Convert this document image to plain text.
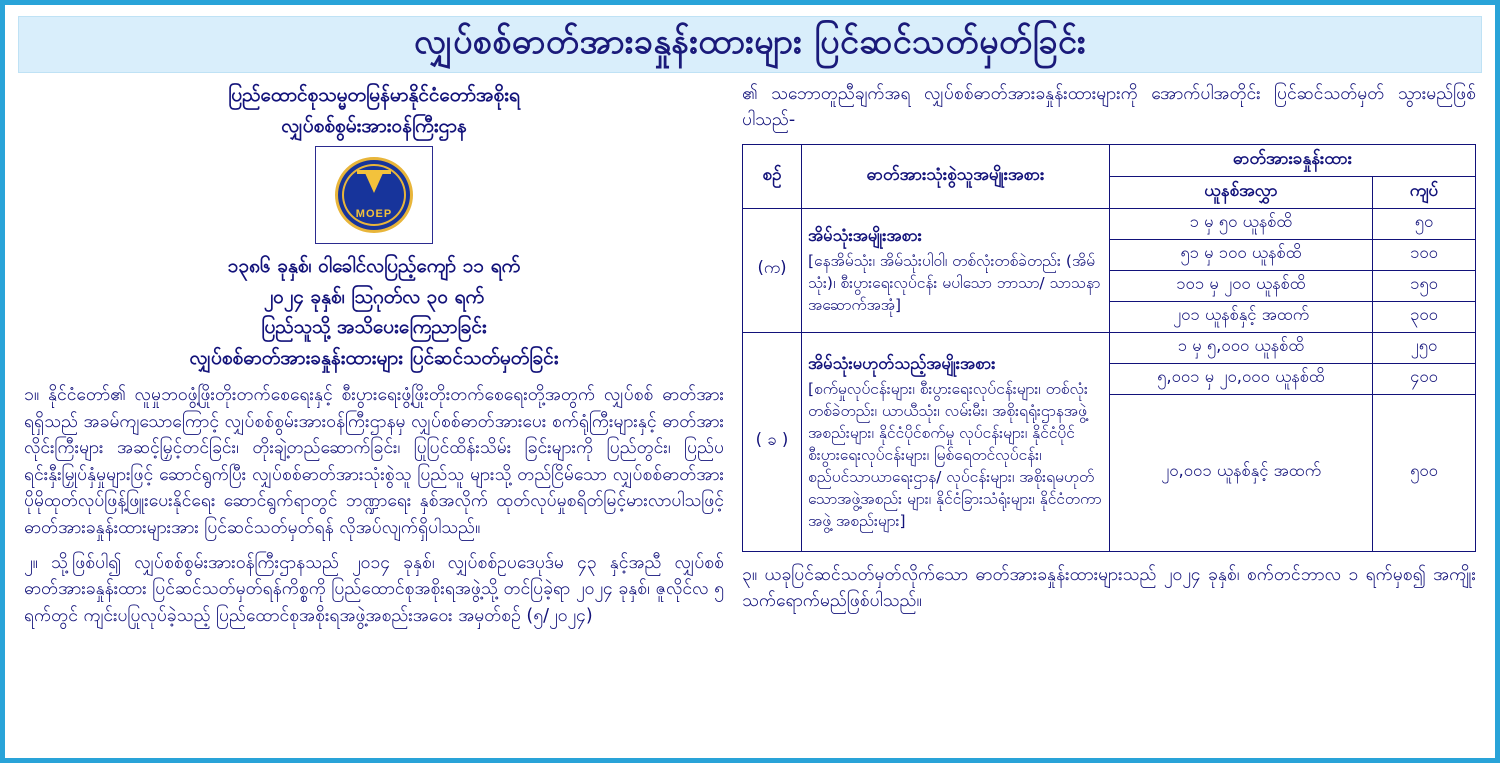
လျှပ်စစ်ဓာတ်အားခနှုန်းထားများ ပြင်ဆင်သတ်မှတ်ခြင်း
ပြည်ထောင်စုသမ္မတမြန်မာနိုင်ငံတော်အစိုးရ
လျှပ်စစ်စွမ်းအားဝန်ကြီးဌာန
MOEP
၁၃၈၆ ခုနှစ်၊ ဝါခေါင်လပြည့်ကျော် ၁၁ ရက်
၂၀၂၄ ခုနှစ်၊ သြဂုတ်လ ၃၀ ရက်
ပြည်သူသို့ အသိပေးကြေညာခြင်း
လျှပ်စစ်ဓာတ်အားခနှုန်းထားများ ပြင်ဆင်သတ်မှတ်ခြင်း
၁။ နိုင်ငံတော်၏ လူမှုဘဝဖွံ့ဖြိုးတိုးတက်စေရေးနှင့် စီးပွားရေးဖွံ့ဖြိုးတိုးတက်စေရေးတို့အတွက် လျှပ်စစ် ဓာတ်အားရရှိသည် အခမ်ကျသောကြောင့် လျှပ်စစ်စွမ်းအားဝန်ကြီးဌာနမှ လျှပ်စစ်ဓာတ်အားပေး စက်ရုံကြီးများနှင့် ဓာတ်အားလိုင်းကြီးများ အဆင့်မြှင့်တင်ခြင်း၊ တိုးချဲ့တည်ဆောက်ခြင်း၊ ပြုပြင်ထိန်းသိမ်း ခြင်းများကို ပြည်တွင်း၊ ပြည်ပရင်းနှီးမြှုပ်နှံမှုများဖြင့် ဆောင်ရွက်ပြီး လျှပ်စစ်ဓာတ်အားသုံးစွဲသူ ပြည်သူ များသို့ တည်ငြိမ်သော လျှပ်စစ်ဓာတ်အား ပိုမိုထုတ်လုပ်ဖြန့်ဖြူးပေးနိုင်ရေး ဆောင်ရွက်ရာတွင် ဘဏ္ဍာရေး နှစ်အလိုက် ထုတ်လုပ်မှုစရိတ်မြင့်မားလာပါသဖြင့် ဓာတ်အားခနှုန်းထားများအား ပြင်ဆင်သတ်မှတ်ရန် လိုအပ်လျက်ရှိပါသည်။
၂။ သို့ဖြစ်ပါ၍ လျှပ်စစ်စွမ်းအားဝန်ကြီးဌာနသည် ၂၀၁၄ ခုနှစ်၊ လျှပ်စစ်ဥပဒေပုဒ်မ ၄၃ နှင့်အညီ လျှပ်စစ် ဓာတ်အားခနှုန်းထား ပြင်ဆင်သတ်မှတ်ရန်ကိစ္စကို ပြည်ထောင်စုအစိုးရအဖွဲ့သို့ တင်ပြခဲ့ရာ ၂၀၂၄ ခုနှစ်၊ ဇူလိုင်လ ၅ ရက်တွင် ကျင်းပပြုလုပ်ခဲ့သည့် ပြည်ထောင်စုအစိုးရအဖွဲ့အစည်းအဝေး အမှတ်စဉ် (၅/၂၀၂၄)
၏ သဘောတူညီချက်အရ လျှပ်စစ်ဓာတ်အားခနှုန်းထားများကို အောက်ပါအတိုင်း ပြင်ဆင်သတ်မှတ် သွားမည်ဖြစ်ပါသည်-
စဉ်	ဓာတ်အားသုံးစွဲသူအမျိုးအစား	ဓာတ်အားခနှုန်းထား	
		ယူနစ်အလွှာ	ကျပ်
(က)	အိမ်သုံးအမျိုးအစား
[နေအိမ်သုံး၊ အိမ်သုံးပါဝါ၊ တစ်လုံးတစ်ခဲတည်း (အိမ်သုံး)၊ စီးပွားရေးလုပ်ငန်း မပါသော ဘာသာ/ သာသနာအဆောက်အအုံ]	၁ မှ ၅၀ ယူနစ်ထိ	၅၀
		၅၁ မှ ၁၀၀ ယူနစ်ထိ	၁၀၀
		၁၀၁ မှ ၂၀၀ ယူနစ်ထိ	၁၅၀
		၂၀၁ ယူနစ်နှင့် အထက်	၃၀၀
( ခ )	အိမ်သုံးမဟုတ်သည့်အမျိုးအစား
[စက်မှုလုပ်ငန်းများ၊ စီးပွားရေးလုပ်ငန်းများ၊ တစ်လုံးတစ်ခဲတည်း၊ ယာယီသုံး၊ လမ်းမီး၊ အစိုးရရုံးဌာနအဖွဲ့အစည်းများ၊ နိုင်ငံပိုင်စက်မှု လုပ်ငန်းများ၊ နိုင်ငံပိုင်စီးပွားရေးလုပ်ငန်းများ၊ မြစ်ရေတင်လုပ်ငန်း၊ စည်ပင်သာယာရေးဌာန/ လုပ်ငန်းများ၊ အစိုးရမဟုတ်သောအဖွဲ့အစည်း များ၊ နိုင်ငံခြားသံရုံးများ၊ နိုင်ငံတကာအဖွဲ့ အစည်းများ]	၁ မှ ၅,၀၀၀ ယူနစ်ထိ	၂၅၀
		၅,၀၀၁ မှ ၂၀,၀၀၀ ယူနစ်ထိ	၄၀၀
		၂၀,၀၀၁ ယူနစ်နှင့် အထက်	၅၀၀
၃။ ယခုပြင်ဆင်သတ်မှတ်လိုက်သော ဓာတ်အားခနှုန်းထားများသည် ၂၀၂၄ ခုနှစ်၊ စက်တင်ဘာလ ၁ ရက်မှစ၍ အကျိုးသက်ရောက်မည်ဖြစ်ပါသည်။
